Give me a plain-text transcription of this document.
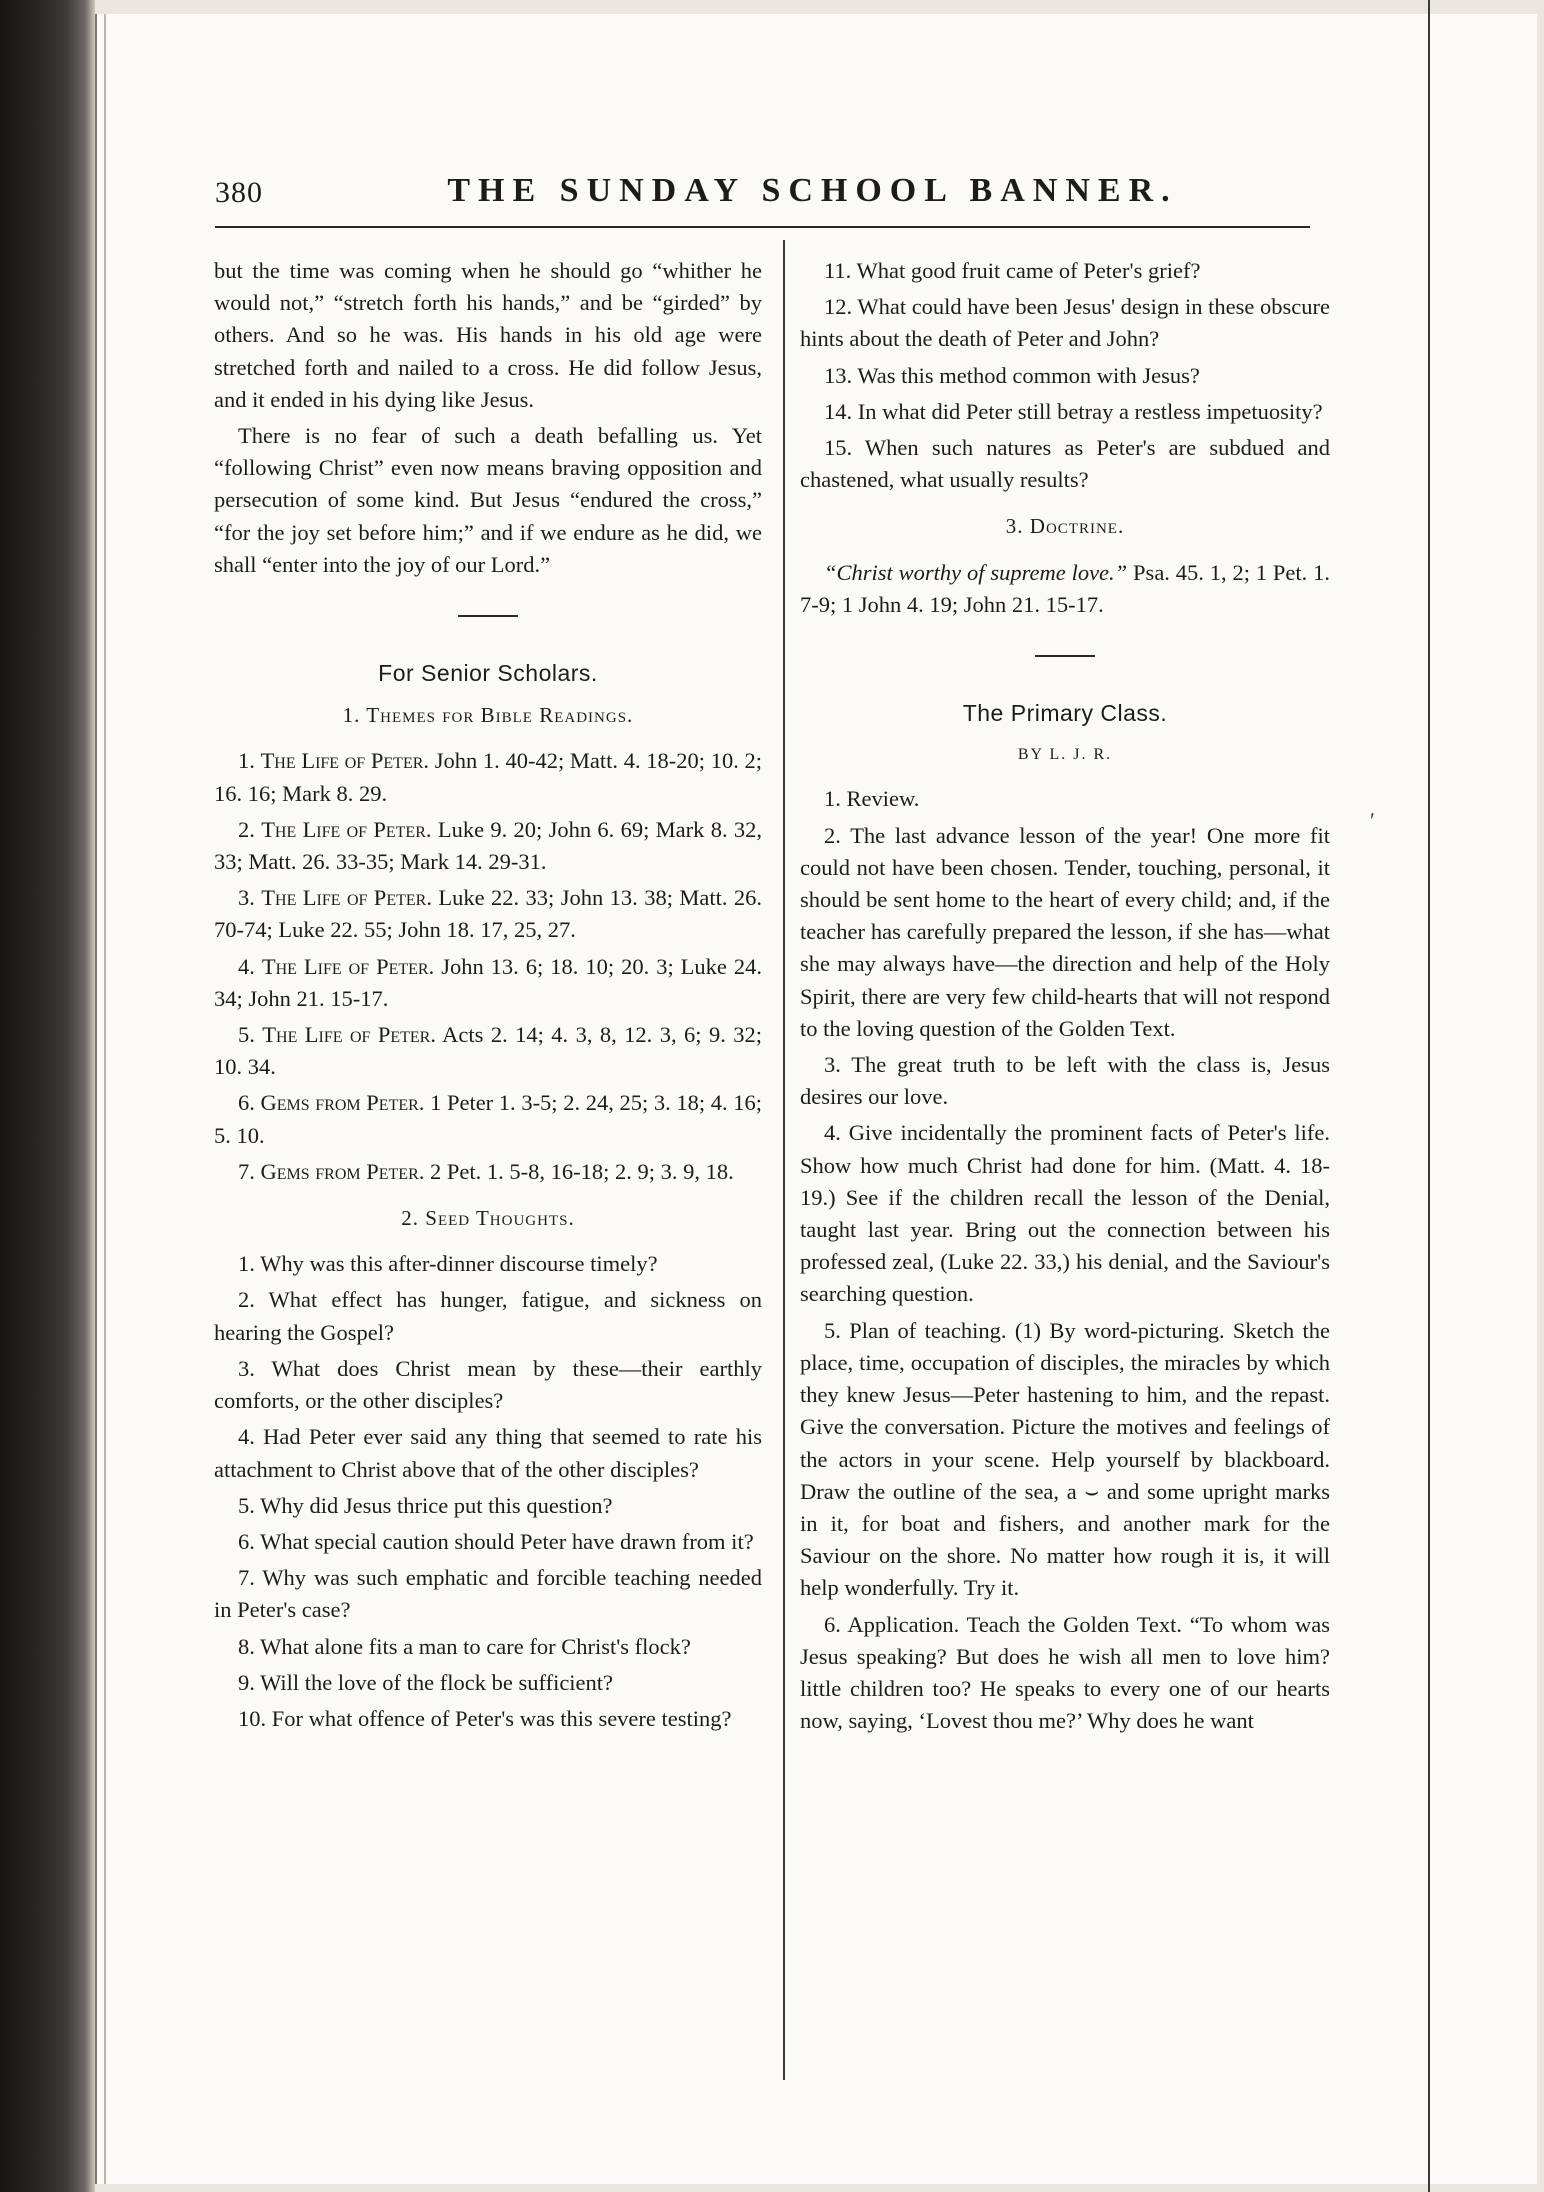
380	THE SUNDAY SCHOOL BANNER.
ʹ

but the time was coming when he should go “whither he would not,” “stretch forth his hands,” and be “girded” by others. And so he was. His hands in his old age were stretched forth and nailed to a cross. He did follow Jesus, and it ended in his dying like Jesus.

There is no fear of such a death befalling us. Yet “following Christ” even now means braving opposition and persecution of some kind. But Jesus “endured the cross,” “for the joy set before him;” and if we endure as he did, we shall “enter into the joy of our Lord.”

For Senior Scholars.
1. Themes for Bible Readings.

1. The Life of Peter. John 1. 40-42; Matt. 4. 18-20; 10. 2; 16. 16; Mark 8. 29.

2. The Life of Peter. Luke 9. 20; John 6. 69; Mark 8. 32, 33; Matt. 26. 33-35; Mark 14. 29-31.

3. The Life of Peter. Luke 22. 33; John 13. 38; Matt. 26. 70-74; Luke 22. 55; John 18. 17, 25, 27.

4. The Life of Peter. John 13. 6; 18. 10; 20. 3; Luke 24. 34; John 21. 15-17.

5. The Life of Peter. Acts 2. 14; 4. 3, 8, 12. 3, 6; 9. 32; 10. 34.

6. Gems from Peter. 1 Peter 1. 3-5; 2. 24, 25; 3. 18; 4. 16; 5. 10.

7. Gems from Peter. 2 Pet. 1. 5-8, 16-18; 2. 9; 3. 9, 18.

2. Seed Thoughts.

1. Why was this after-dinner discourse timely?

2. What effect has hunger, fatigue, and sickness on hearing the Gospel?

3. What does Christ mean by these—their earthly comforts, or the other disciples?

4. Had Peter ever said any thing that seemed to rate his attachment to Christ above that of the other disciples?

5. Why did Jesus thrice put this question?

6. What special caution should Peter have drawn from it?

7. Why was such emphatic and forcible teaching needed in Peter's case?

8. What alone fits a man to care for Christ's flock?

9. Will the love of the flock be sufficient?

10. For what offence of Peter's was this severe testing?

11. What good fruit came of Peter's grief?

12. What could have been Jesus' design in these obscure hints about the death of Peter and John?

13. Was this method common with Jesus?

14. In what did Peter still betray a restless impetuosity?

15. When such natures as Peter's are subdued and chastened, what usually results?

3. Doctrine.

“Christ worthy of supreme love.” Psa. 45. 1, 2; 1 Pet. 1. 7-9; 1 John 4. 19; John 21. 15-17.

The Primary Class.
BY L. J. R.

1. Review.

2. The last advance lesson of the year! One more fit could not have been chosen. Tender, touching, personal, it should be sent home to the heart of every child; and, if the teacher has carefully prepared the lesson, if she has—what she may always have—the direction and help of the Holy Spirit, there are very few child-hearts that will not respond to the loving question of the Golden Text.

3. The great truth to be left with the class is, Jesus desires our love.

4. Give incidentally the prominent facts of Peter's life. Show how much Christ had done for him. (Matt. 4. 18-19.) See if the children recall the lesson of the Denial, taught last year. Bring out the connection between his professed zeal, (Luke 22. 33,) his denial, and the Saviour's searching question.

5. Plan of teaching. (1) By word-picturing. Sketch the place, time, occupation of disciples, the miracles by which they knew Jesus—Peter hastening to him, and the repast. Give the conversation. Picture the motives and feelings of the actors in your scene. Help yourself by blackboard. Draw the outline of the sea, a ⌣ and some upright marks in it, for boat and fishers, and another mark for the Saviour on the shore. No matter how rough it is, it will help wonderfully. Try it.

6. Application. Teach the Golden Text. “To whom was Jesus speaking? But does he wish all men to love him? little children too? He speaks to every one of our hearts now, saying, ‘Lovest thou me?’ Why does he want
